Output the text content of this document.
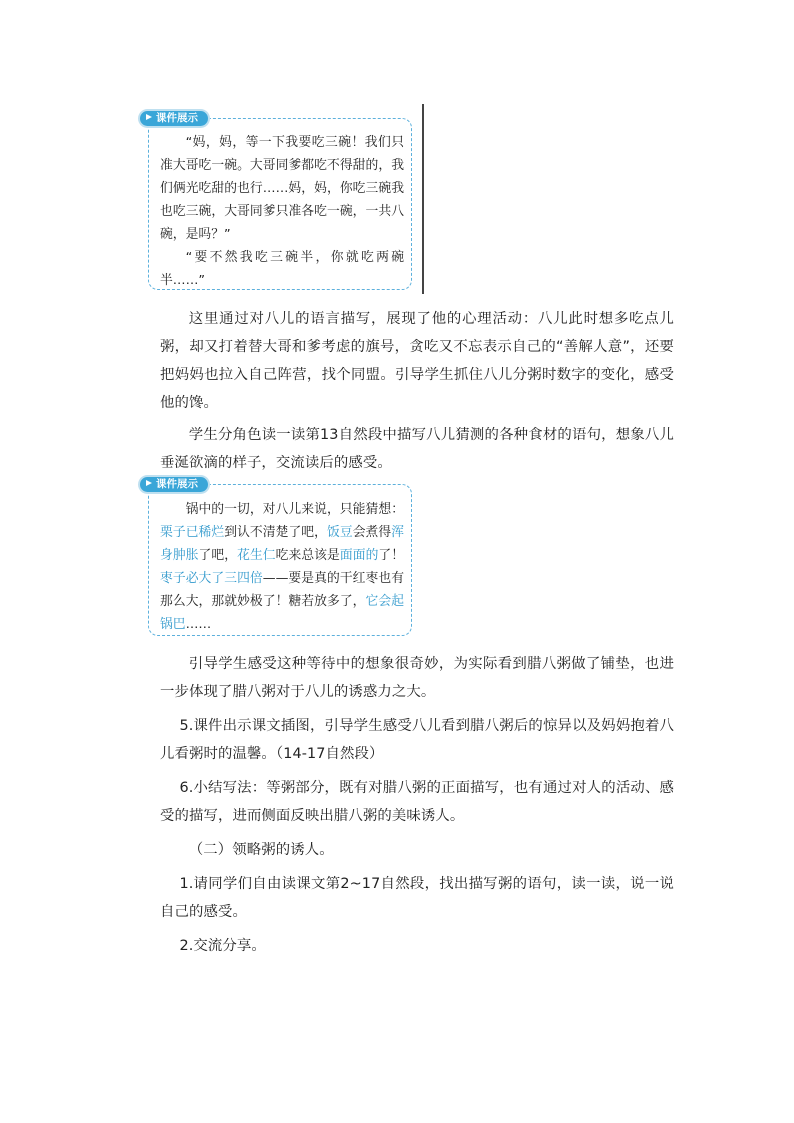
课件展示

“妈，妈，等一下我要吃三碗！我们只准大哥吃一碗。大哥同爹都吃不得甜的，我们俩光吃甜的也行……妈，妈，你吃三碗我也吃三碗，大哥同爹只准各吃一碗，一共八碗，是吗？”

“要不然我吃三碗半，你就吃两碗半……”

这里通过对八儿的语言描写，展现了他的心理活动：八儿此时想多吃点儿粥，却又打着替大哥和爹考虑的旗号，贪吃又不忘表示自己的“善解人意”，还要把妈妈也拉入自己阵营，找个同盟。引导学生抓住八儿分粥时数字的变化，感受他的馋。

学生分角色读一读第13自然段中描写八儿猜测的各种食材的语句，想象八儿垂涎欲滴的样子，交流读后的感受。

课件展示

锅中的一切，对八儿来说，只能猜想：栗子已稀烂到认不清楚了吧，饭豆会煮得浑身肿胀了吧，花生仁吃来总该是面面的了！枣子必大了三四倍——要是真的干红枣也有那么大，那就妙极了！糖若放多了，它会起锅巴……

引导学生感受这种等待中的想象很奇妙，为实际看到腊八粥做了铺垫，也进一步体现了腊八粥对于八儿的诱惑力之大。

5.课件出示课文插图，引导学生感受八儿看到腊八粥后的惊异以及妈妈抱着八儿看粥时的温馨。（14-17自然段）

6.小结写法：等粥部分，既有对腊八粥的正面描写，也有通过对人的活动、感受的描写，进而侧面反映出腊八粥的美味诱人。

（二）领略粥的诱人。

1.请同学们自由读课文第2~17自然段，找出描写粥的语句，读一读，说一说自己的感受。

2.交流分享。
